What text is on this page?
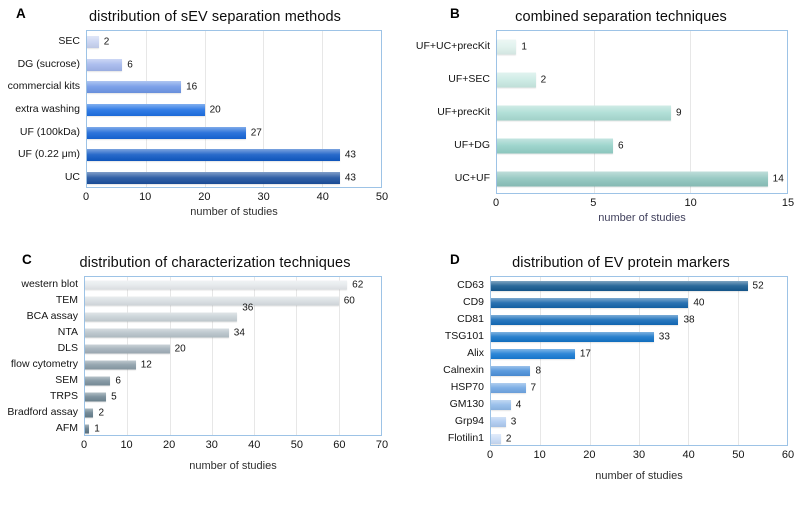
A	distribution of sEV separation methods
SEC
DG (sucrose)
commercial kits
extra washing
UF (100kDa)
UF (0.22 μm)
UC
2
6
16
20
27
43
43
0	10	20	30	40	50
number of studies
B	combined separation techniques
UF+UC+precKit
UF+SEC
UF+precKit
UF+DG
UC+UF
1
2
9
6
14
0	5	10	15
number of studies
C	distribution of characterization techniques
western blot
TEM
BCA assay
NTA
DLS
flow cytometry
SEM
TRPS
Bradford assay
AFM
62
60
36
34
20
12
6
5
2
1
0	10	20	30	40	50	60	70
number of studies
D	distribution of EV protein markers
CD63
CD9
CD81
TSG101
Alix
Calnexin
HSP70
GM130
Grp94
Flotilin1
52
40
38
33
17
8
7
4
3
2
0	10	20	30	40	50	60
number of studies
